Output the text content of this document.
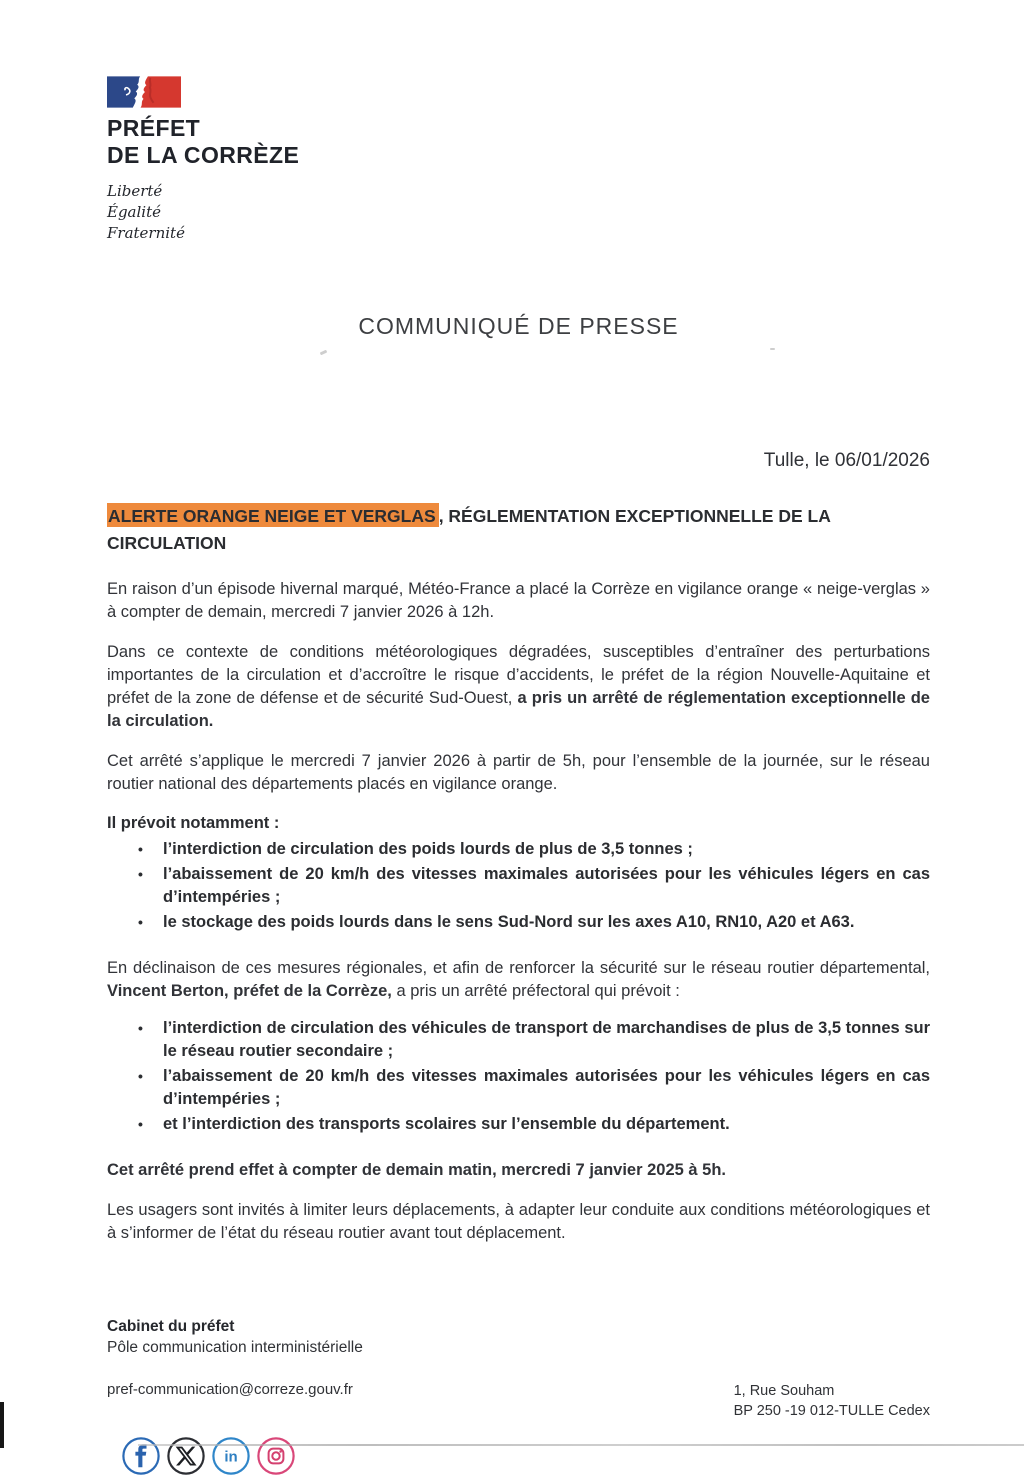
PRÉFET
DE LA CORRÈZE
Liberté
Égalité
Fraternité
COMMUNIQUÉ DE PRESSE
Tulle, le 06/01/2026
ALERTE ORANGE NEIGE ET VERGLAS , RÉGLEMENTATION EXCEPTIONNELLE DE LA CIRCULATION

En raison d’un épisode hivernal marqué, Météo-France a placé la Corrèze en vigilance orange « neige-verglas » à compter de demain, mercredi 7 janvier 2026 à 12h.

Dans ce contexte de conditions météorologiques dégradées, susceptibles d’entraîner des perturbations importantes de la circulation et d’accroître le risque d’accidents, le préfet de la région Nouvelle-Aquitaine et préfet de la zone de défense et de sécurité Sud-Ouest, a pris un arrêté de réglementation exceptionnelle de la circulation.

Cet arrêté s’applique le mercredi 7 janvier 2026 à partir de 5h, pour l’ensemble de la journée, sur le réseau routier national des départements placés en vigilance orange.

Il prévoit notamment :

• l’interdiction de circulation des poids lourds de plus de 3,5 tonnes ;
• l’abaissement de 20 km/h des vitesses maximales autorisées pour les véhicules légers en cas d’intempéries ;
• le stockage des poids lourds dans le sens Sud-Nord sur les axes A10, RN10, A20 et A63.

En déclinaison de ces mesures régionales, et afin de renforcer la sécurité sur le réseau routier départemental, Vincent Berton, préfet de la Corrèze, a pris un arrêté préfectoral qui prévoit :

• l’interdiction de circulation des véhicules de transport de marchandises de plus de 3,5 tonnes sur le réseau routier secondaire ;
• l’abaissement de 20 km/h des vitesses maximales autorisées pour les véhicules légers en cas d’intempéries ;
• et l’interdiction des transports scolaires sur l’ensemble du département.

Cet arrêté prend effet à compter de demain matin, mercredi 7 janvier 2025 à 5h.

Les usagers sont invités à limiter leurs déplacements, à adapter leur conduite aux conditions météorologiques et à s’informer de l’état du réseau routier avant tout déplacement.

Cabinet du préfet
Pôle communication interministérielle
pref-communication@correze.gouv.fr	1, Rue Souham
BP 250 -19 012-TULLE Cedex
in
